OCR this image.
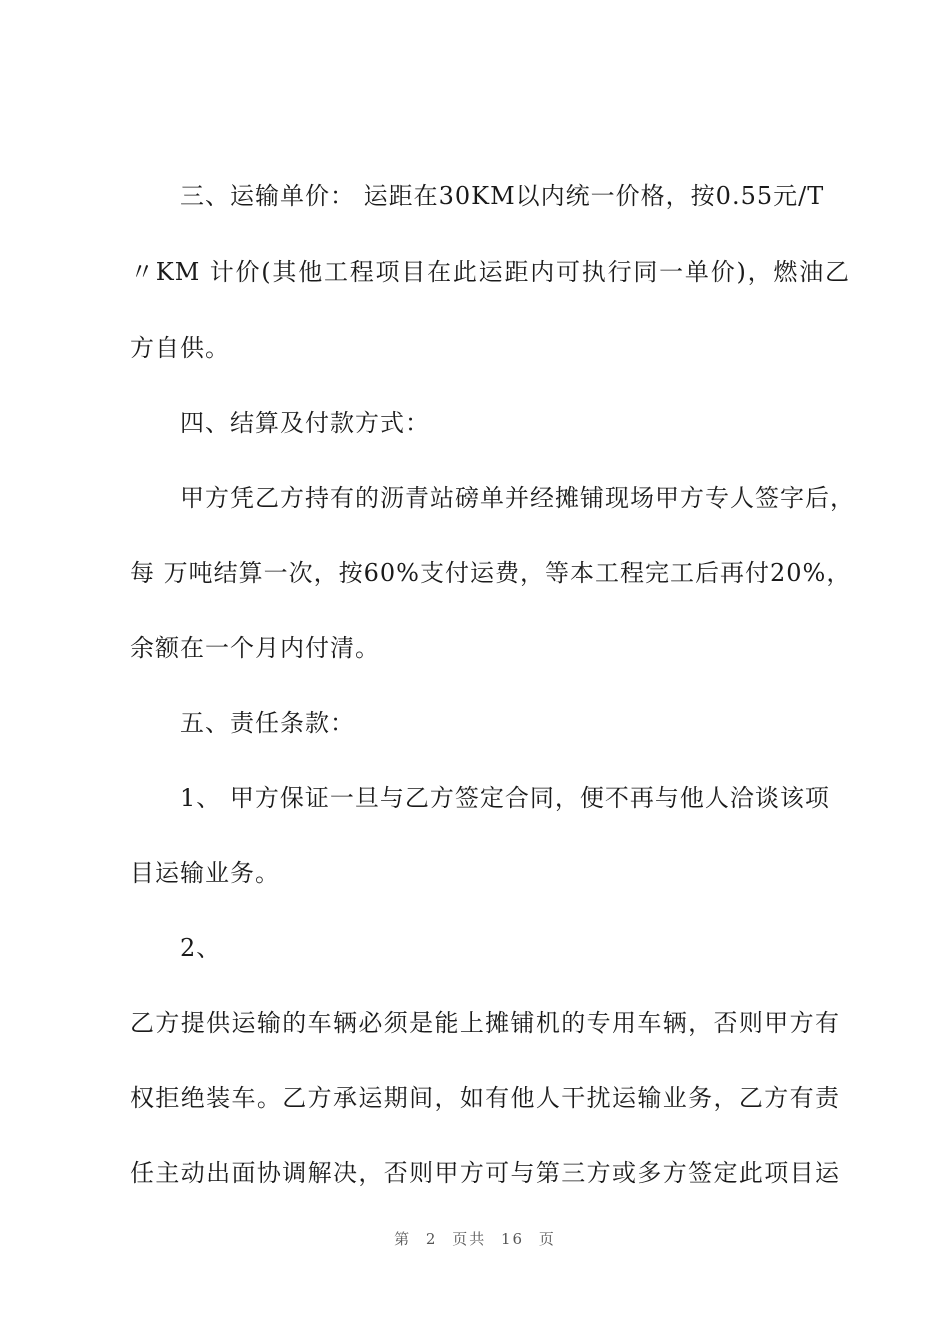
三、运输单价： 运距在30KM以内统一价格，按0.55元/T
〃KM 计价(其他工程项目在此运距内可执行同一单价)，燃油乙
方自供。
四、结算及付款方式：
甲方凭乙方持有的沥青站磅单并经摊铺现场甲方专人签字后，
每 万吨结算一次，按60%支付运费，等本工程完工后再付20%，
余额在一个月内付清。
五、责任条款：
1、 甲方保证一旦与乙方签定合同，便不再与他人洽谈该项
目运输业务。
2、
乙方提供运输的车辆必须是能上摊铺机的专用车辆，否则甲方有
权拒绝装车。乙方承运期间，如有他人干扰运输业务，乙方有责
任主动出面协调解决，否则甲方可与第三方或多方签定此项目运
第 2 页共 16 页
